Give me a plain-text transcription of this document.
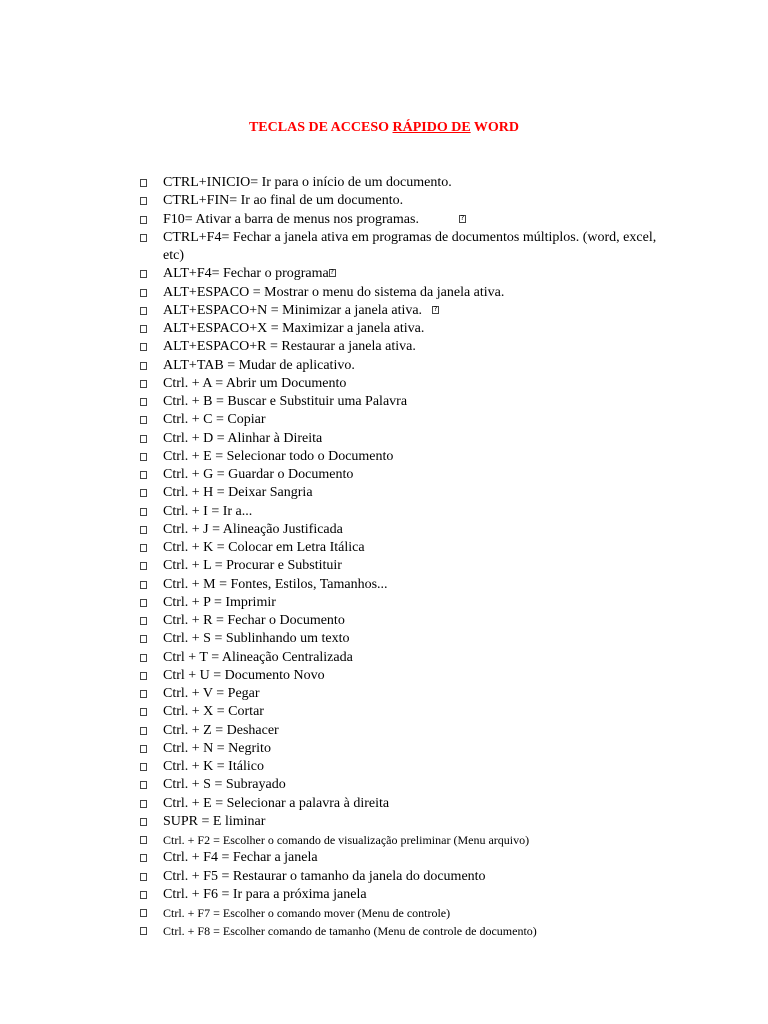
TECLAS DE ACCESO RÁPIDO DE WORD
CTRL+INICIO= Ir para o início de um documento.
CTRL+FIN= Ir ao final de um documento.
F10= Ativar a barra de menus nos programas.?
CTRL+F4= Fechar a janela ativa em programas de documentos múltiplos. (word, excel, etc)
ALT+F4= Fechar o programa?
ALT+ESPACO = Mostrar o menu do sistema da janela ativa.
ALT+ESPACO+N = Minimizar a janela ativa.?
ALT+ESPACO+X = Maximizar a janela ativa.
ALT+ESPACO+R = Restaurar a janela ativa.
ALT+TAB = Mudar de aplicativo.
Ctrl. + A = Abrir um Documento
Ctrl. + B = Buscar e Substituir uma Palavra
Ctrl. + C = Copiar
Ctrl. + D = Alinhar à Direita
Ctrl. + E = Selecionar todo o Documento
Ctrl. + G = Guardar o Documento
Ctrl. + H = Deixar Sangria
Ctrl. + I = Ir a...
Ctrl. + J = Alineação Justificada
Ctrl. + K = Colocar em Letra Itálica
Ctrl. + L = Procurar e Substituir
Ctrl. + M = Fontes, Estilos, Tamanhos...
Ctrl. + P = Imprimir
Ctrl. + R = Fechar o Documento
Ctrl. + S = Sublinhando um texto
Ctrl + T = Alineação Centralizada
Ctrl + U = Documento Novo
Ctrl. + V = Pegar
Ctrl. + X = Cortar
Ctrl. + Z = Deshacer
Ctrl. + N = Negrito
Ctrl. + K = Itálico
Ctrl. + S = Subrayado
Ctrl. + E = Selecionar a palavra à direita
SUPR = E liminar
Ctrl. + F2 = Escolher o comando de visualização preliminar (Menu arquivo)
Ctrl. + F4 = Fechar a janela
Ctrl. + F5 = Restaurar o tamanho da janela do documento
Ctrl. + F6 = Ir para a próxima janela
Ctrl. + F7 = Escolher o comando mover (Menu de controle)
Ctrl. + F8 = Escolher comando de tamanho (Menu de controle de documento)
